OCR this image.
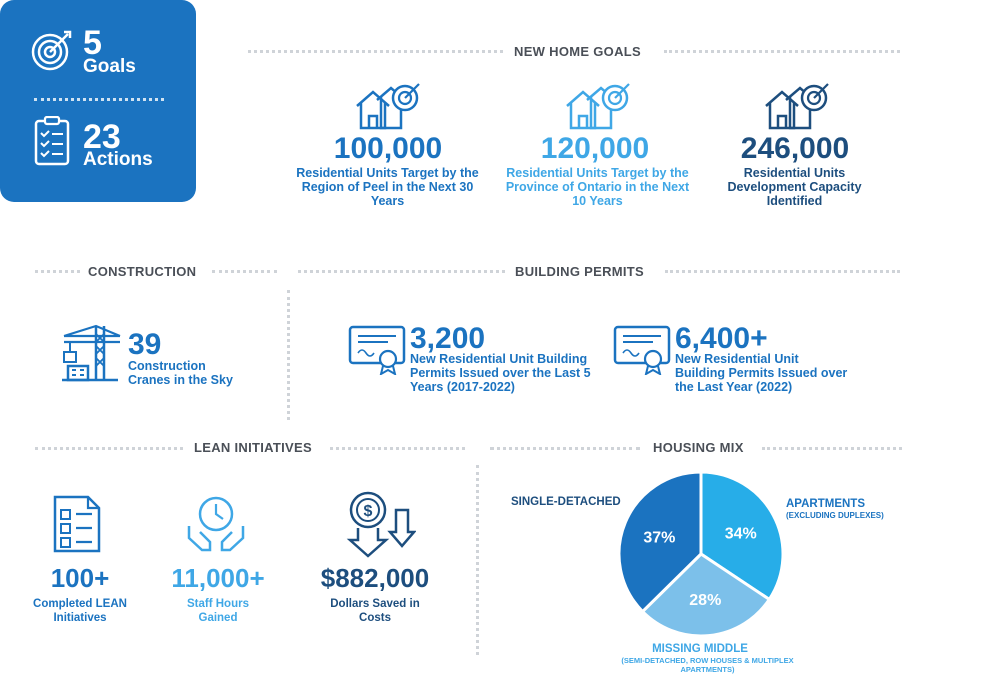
5
Goals
23
Actions
NEW HOME GOALS
100,000
Residential Units Target by the Region of Peel in the Next 30 Years
120,000
Residential Units Target by the Province of Ontario in the Next 10 Years
246,000
Residential Units Development Capacity Identified
CONSTRUCTION
39
Construction Cranes in the Sky
BUILDING PERMITS
3,200
New Residential Unit Building Permits Issued over the Last 5 Years (2017-2022)
6,400+
New Residential Unit Building Permits Issued over the Last Year (2022)
LEAN INITIATIVES
$
100+
Completed LEAN Initiatives
11,000+
Staff Hours Gained
$882,000
Dollars Saved in Costs
HOUSING MIX
SINGLE-DETACHED	APARTMENTS
(EXCLUDING DUPLEXES)
MISSING MIDDLE
(SEMI-DETACHED, ROW HOUSES & MULTIPLEX APARTMENTS)
34%
28%
37%
